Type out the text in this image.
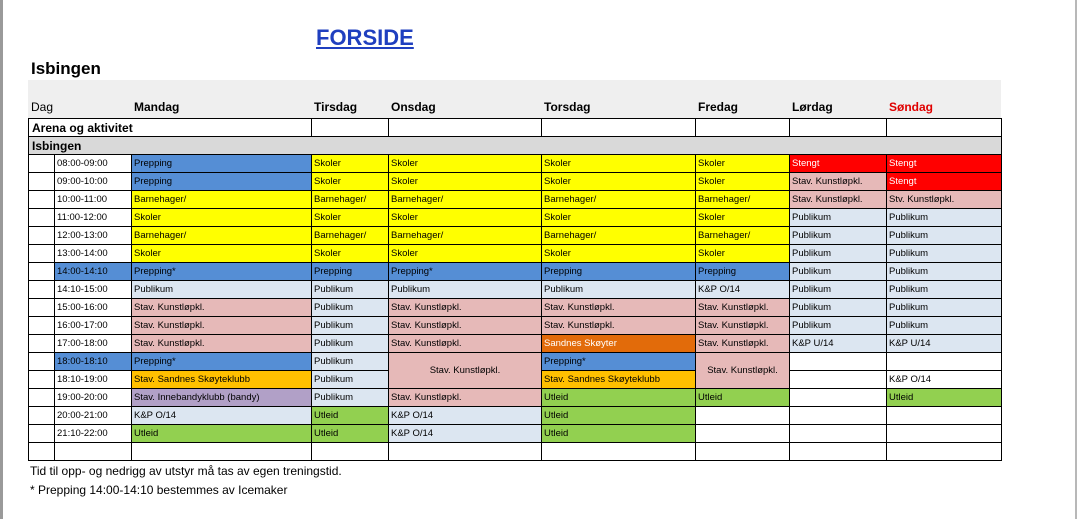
FORSIDE
Isbingen
Dag	Mandag	Tirsdag	Onsdag	Torsdag	Fredag	Lørdag	Søndag
Arena og aktivitet								
Isbingen								
	08:00-09:00	Prepping	Skoler	Skoler	Skoler	Skoler	Stengt	Stengt
	09:00-10:00	Prepping	Skoler	Skoler	Skoler	Skoler	Stav. Kunstløpkl.	Stengt
	10:00-11:00	Barnehager/	Barnehager/	Barnehager/	Barnehager/	Barnehager/	Stav. Kunstløpkl.	Stv. Kunstløpkl.
	11:00-12:00	Skoler	Skoler	Skoler	Skoler	Skoler	Publikum	Publikum
	12:00-13:00	Barnehager/	Barnehager/	Barnehager/	Barnehager/	Barnehager/	Publikum	Publikum
	13:00-14:00	Skoler	Skoler	Skoler	Skoler	Skoler	Publikum	Publikum
	14:00-14:10	Prepping*	Prepping	Prepping*	Prepping	Prepping	Publikum	Publikum
	14:10-15:00	Publikum	Publikum	Publikum	Publikum	K&P O/14	Publikum	Publikum
	15:00-16:00	Stav. Kunstløpkl.	Publikum	Stav. Kunstløpkl.	Stav. Kunstløpkl.	Stav. Kunstløpkl.	Publikum	Publikum
	16:00-17:00	Stav. Kunstløpkl.	Publikum	Stav. Kunstløpkl.	Stav. Kunstløpkl.	Stav. Kunstløpkl.	Publikum	Publikum
	17:00-18:00	Stav. Kunstløpkl.	Publikum	Stav. Kunstløpkl.	Sandnes Skøyter	Stav. Kunstløpkl.	K&P U/14	K&P U/14
	18:00-18:10	Prepping*	Publikum	Stav. Kunstløpkl.	Prepping*	Stav. Kunstløpkl.		
	18:10-19:00	Stav. Sandnes Skøyteklubb	Publikum		Stav. Sandnes Skøyteklubb			K&P O/14
	19:00-20:00	Stav. Innebandyklubb (bandy)	Publikum	Stav. Kunstløpkl.	Utleid	Utleid		Utleid
	20:00-21:00	K&P O/14	Utleid	K&P O/14	Utleid			
	21:10-22:00	Utleid	Utleid	K&P O/14	Utleid			

Tid til opp- og nedrigg av utstyr må tas av egen treningstid.
* Prepping 14:00-14:10 bestemmes av Icemaker
